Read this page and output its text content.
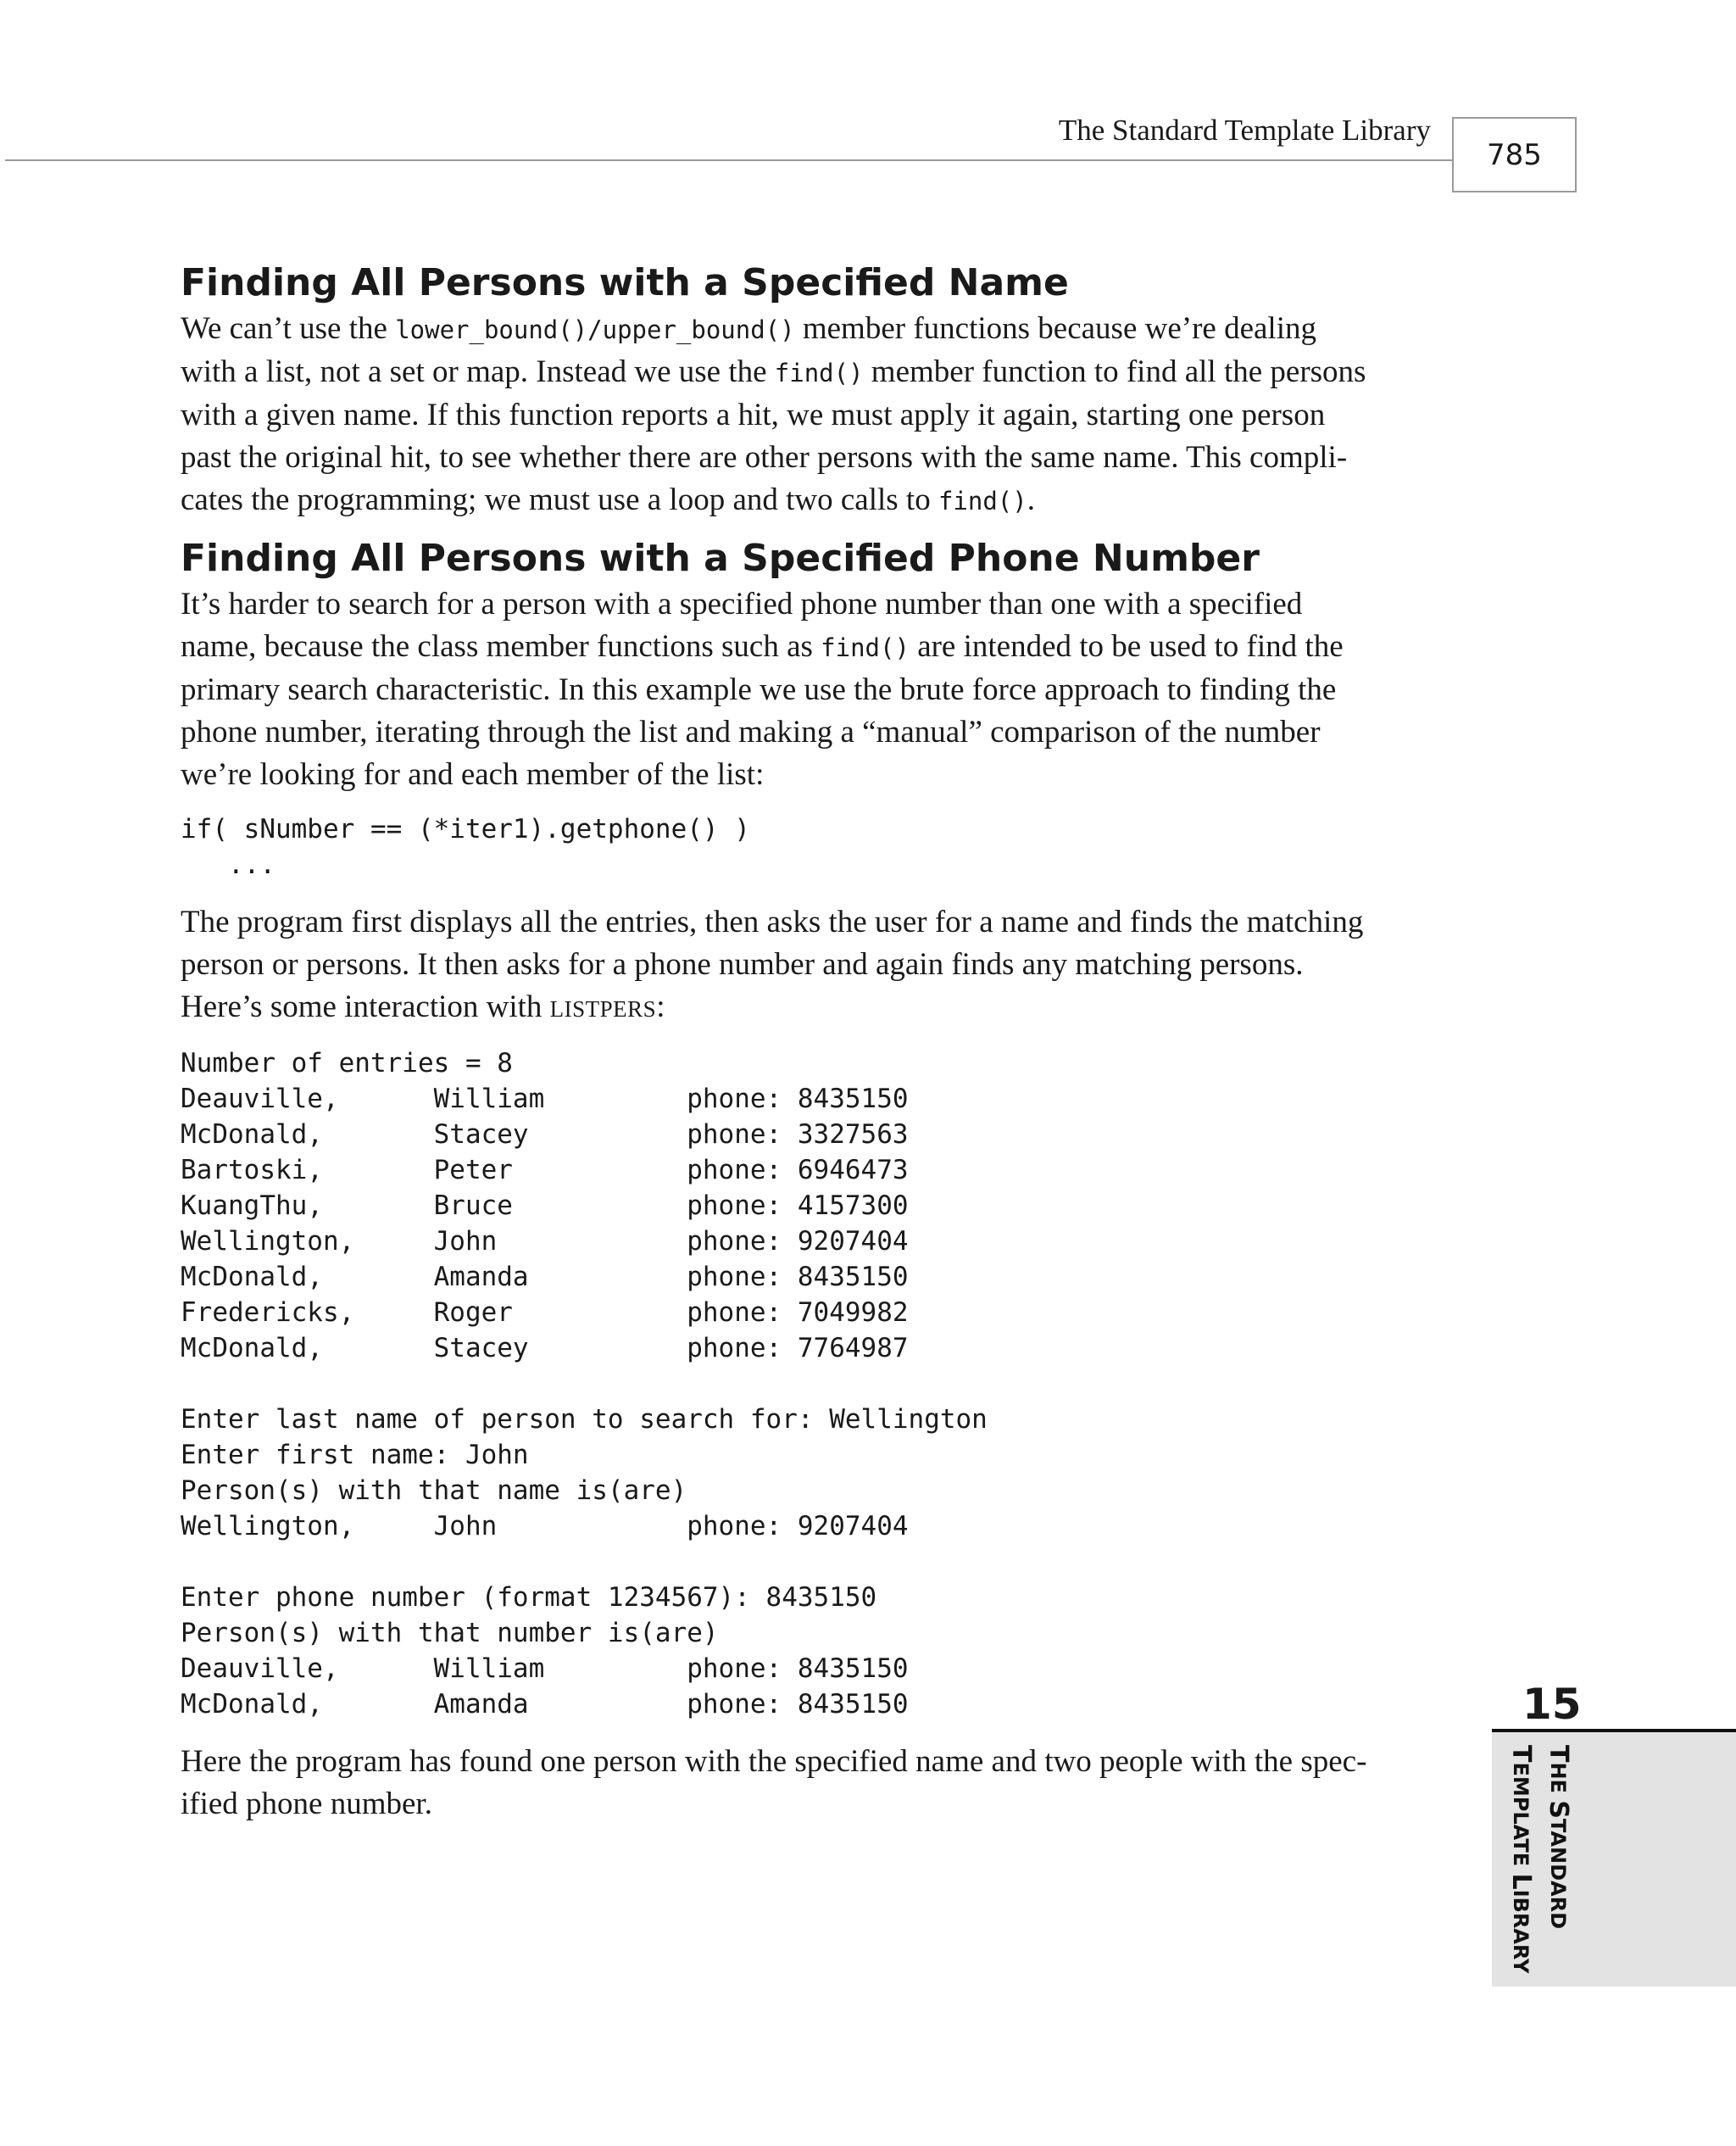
The Standard Template Library
785
Finding All Persons with a Specified Name

We can’t use the lower_bound()/upper_bound() member functions because we’re dealing

with a list, not a set or map. Instead we use the find() member function to find all the persons

with a given name. If this function reports a hit, we must apply it again, starting one person

past the original hit, to see whether there are other persons with the same name. This compli-

cates the programming; we must use a loop and two calls to find().

Finding All Persons with a Specified Phone Number

It’s harder to search for a person with a specified phone number than one with a specified

name, because the class member functions such as find() are intended to be used to find the

primary search characteristic. In this example we use the brute force approach to finding the

phone number, iterating through the list and making a “manual” comparison of the number

we’re looking for and each member of the list:

if( sNumber == (*iter1).getphone() )
...

The program first displays all the entries, then asks the user for a name and finds the matching

person or persons. It then asks for a phone number and again finds any matching persons.

Here’s some interaction with LISTPERS:

Number of entries = 8
Deauville,      William         phone: 8435150
McDonald,       Stacey          phone: 3327563
Bartoski,       Peter           phone: 6946473
KuangThu,       Bruce           phone: 4157300
Wellington,     John            phone: 9207404
McDonald,       Amanda          phone: 8435150
Fredericks,     Roger           phone: 7049982
McDonald,       Stacey          phone: 7764987

Enter last name of person to search for: Wellington
Enter first name: John
Person(s) with that name is(are)
Wellington,     John            phone: 9207404

Enter phone number (format 1234567): 8435150
Person(s) with that number is(are)
Deauville,      William         phone: 8435150
McDonald,       Amanda          phone: 8435150

Here the program has found one person with the specified name and two people with the spec-

ified phone number.

15
THE STANDARD
TEMPLATE LIBRARY
